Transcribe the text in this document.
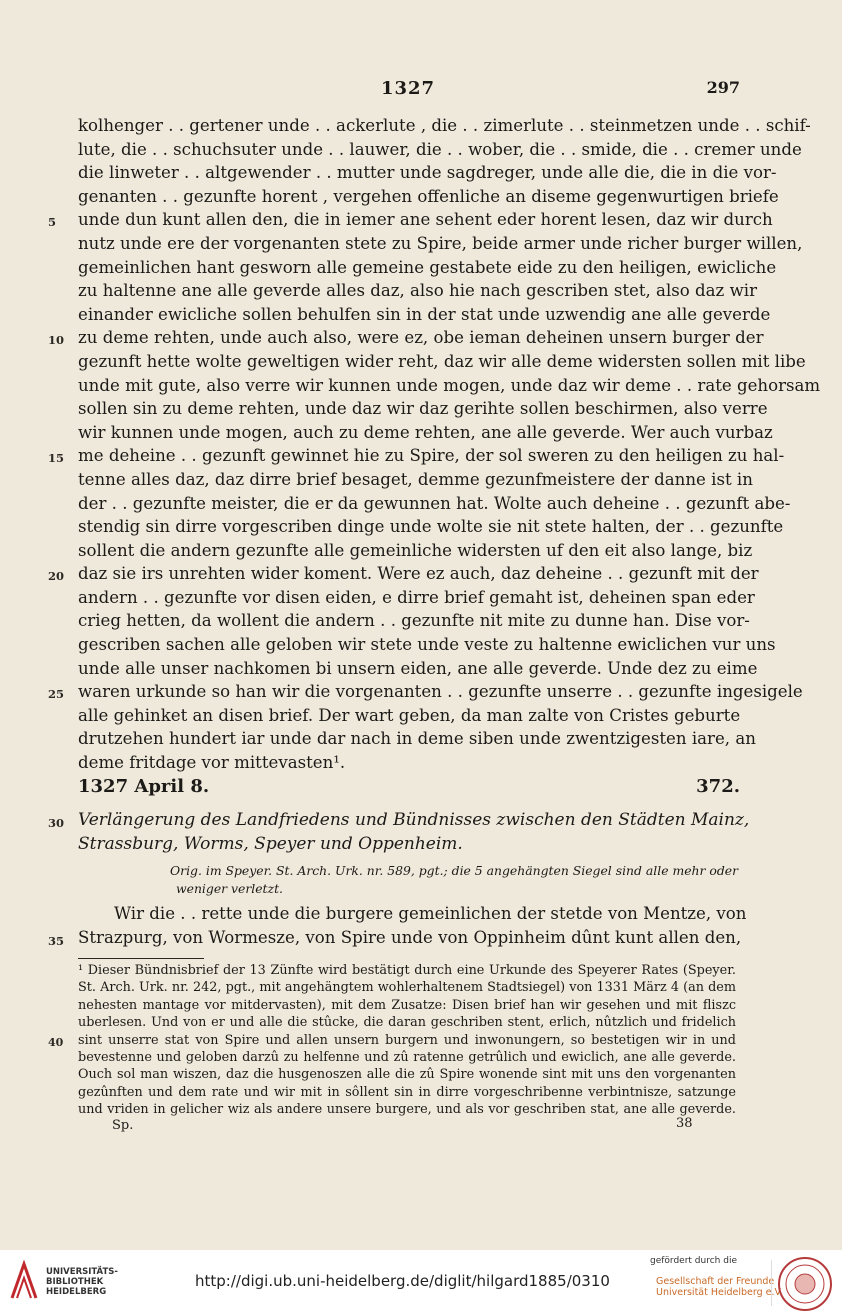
1327	297
kolhenger . . gertener unde . . ackerlute , die . . zimerlute . . steinmetzen unde . . schif-
lute, die . . schuchsuter unde . . lauwer, die . . wober, die . . smide, die . . cremer unde
die linweter . . altgewender . . mutter unde sagdreger, unde alle die, die in die vor-
genanten . . gezunfte horent , vergehen offenliche an diseme gegenwurtigen briefe
5	unde dun kunt allen den, die in iemer ane sehent eder horent lesen, daz wir durch
nutz unde ere der vorgenanten stete zu Spire, beide armer unde richer burger willen,
gemeinlichen hant gesworn alle gemeine gestabete eide zu den heiligen, ewicliche
zu haltenne ane alle geverde alles daz, also hie nach gescriben stet, also daz wir
einander ewicliche sollen behulfen sin in der stat unde uzwendig ane alle geverde
10 zu deme rehten, unde auch also, were ez, obe ieman deheinen unsern burger der
gezunft hette wolte geweltigen wider reht, daz wir alle deme widersten sollen mit libe
unde mit gute, also verre wir kunnen unde mogen, unde daz wir deme . . rate gehorsam
sollen sin zu deme rehten, unde daz wir daz gerihte sollen beschirmen, also verre
wir kunnen unde mogen, auch zu deme rehten, ane alle geverde. Wer auch vurbaz
15 me deheine . . gezunft gewinnet hie zu Spire, der sol sweren zu den heiligen zu hal-
tenne alles daz, daz dirre brief besaget, demme gezunfmeistere der danne ist in
der . . gezunfte meister, die er da gewunnen hat. Wolte auch deheine . . gezunft abe-
stendig sin dirre vorgescriben dinge unde wolte sie nit stete halten, der . . gezunfte
sollent die andern gezunfte alle gemeinliche widersten uf den eit also lange, biz
20 daz sie irs unrehten wider koment. Were ez auch, daz deheine . . gezunft mit der
andern . . gezunfte vor disen eiden, e dirre brief gemaht ist, deheinen span eder
crieg hetten, da wollent die andern . . gezunfte nit mite zu dunne han. Dise vor-
gescriben sachen alle geloben wir stete unde veste zu haltenne ewiclichen vur uns
unde alle unser nachkomen bi unsern eiden, ane alle geverde. Unde dez zu eime
25 waren urkunde so han wir die vorgenanten . . gezunfte unserre . . gezunfte ingesigele
alle gehinket an disen brief. Der wart geben, da man zalte von Cristes geburte
drutzehen hundert iar unde dar nach in deme siben unde zwentzigesten iare, an
deme fritdage vor mittevasten¹.
1327 April 8.	372.
30 Verlängerung des Landfriedens und Bündnisses zwischen den Städten Mainz,
Strassburg, Worms, Speyer und Oppenheim.
Orig. im Speyer. St. Arch. Urk. nr. 589, pgt.; die 5 angehängten Siegel sind alle mehr oder
weniger verletzt.
Wir die . . rette unde die burgere gemeinlichen der stetde von Mentze, von
35 Strazpurg, von Wormesze, von Spire unde von Oppinheim dûnt kunt allen den,
¹ Dieser Bündnisbrief der 13 Zünfte wird bestätigt durch eine Urkunde des Speyerer Rates (Speyer.
St. Arch. Urk. nr. 242, pgt., mit angehängtem wohlerhaltenem Stadtsiegel) von 1331 März 4 (an dem
nehesten mantage vor mitdervasten), mit dem Zusatze: Disen brief han wir gesehen und mit fliszc
uberlesen. Und von er und alle die stûcke, die daran geschriben stent, erlich, nûtzlich und fridelich
40	sint unserre stat von Spire und allen unsern burgern und inwonungern, so bestetigen wir in und
bevestenne und geloben darzû zu helfenne und zû ratenne getrûlich und ewiclich, ane alle geverde.
Ouch sol man wiszen, daz die husgenoszen alle die zû Spire wonende sint mit uns den vorgenanten
gezûnften und dem rate und wir mit in sôllent sin in dirre vorgeschribenne verbintnisze, satzunge
und vriden in gelicher wiz als andere unsere burgere, und als vor geschriben stat, ane alle geverde.
Sp.	38
UNIVERSITÄTS-
BIBLIOTHEK
HEIDELBERG
http://digi.ub.uni-heidelberg.de/diglit/hilgard1885/0310
gefördert durch die
Gesellschaft der Freunde
Universität Heidelberg e.V.
